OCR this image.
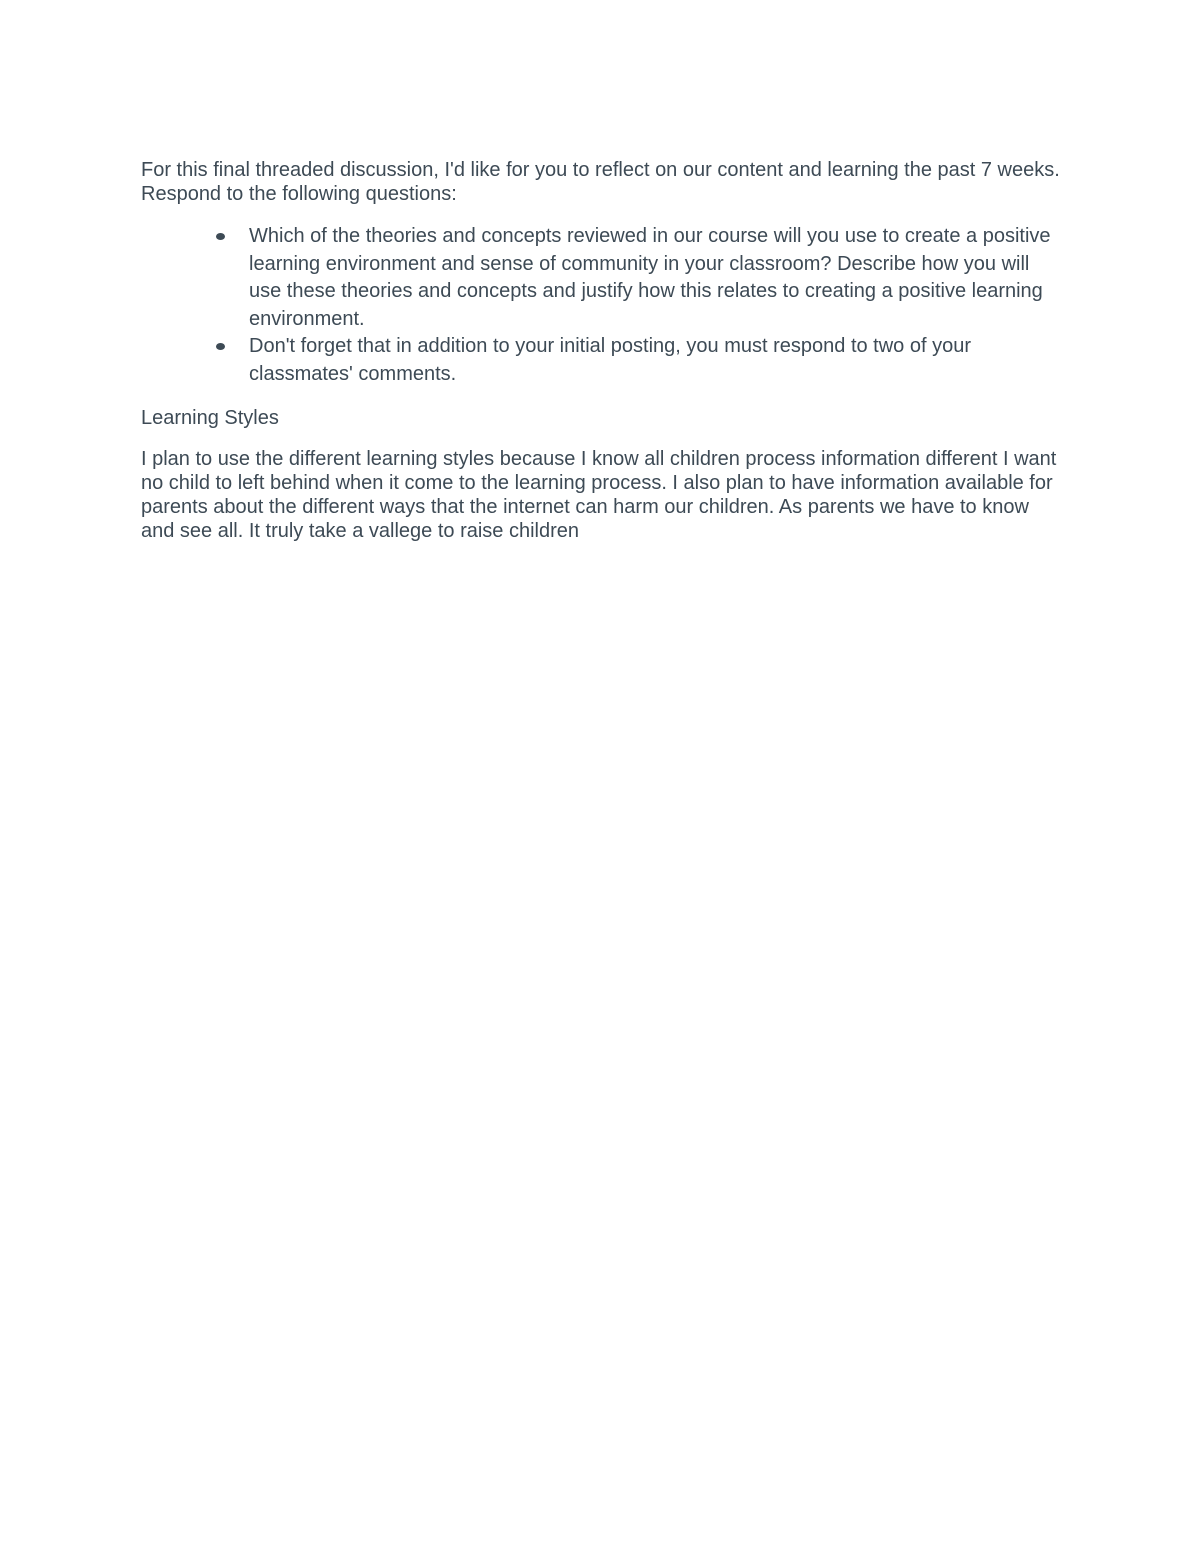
For this final threaded discussion, I'd like for you to reflect on our content and learning the past 7 weeks. Respond to the following questions:

Which of the theories and concepts reviewed in our course will you use to create a positive learning environment and sense of community in your classroom? Describe how you will use these theories and concepts and justify how this relates to creating a positive learning environment.
Don't forget that in addition to your initial posting, you must respond to two of your classmates' comments.

Learning Styles

I plan to use the different learning styles because I know all children process information different I want no child to left behind when it come to the learning process. I also plan to have information available for parents about the different ways that the internet can harm our children. As parents we have to know and see all. It truly take a vallege to raise children
